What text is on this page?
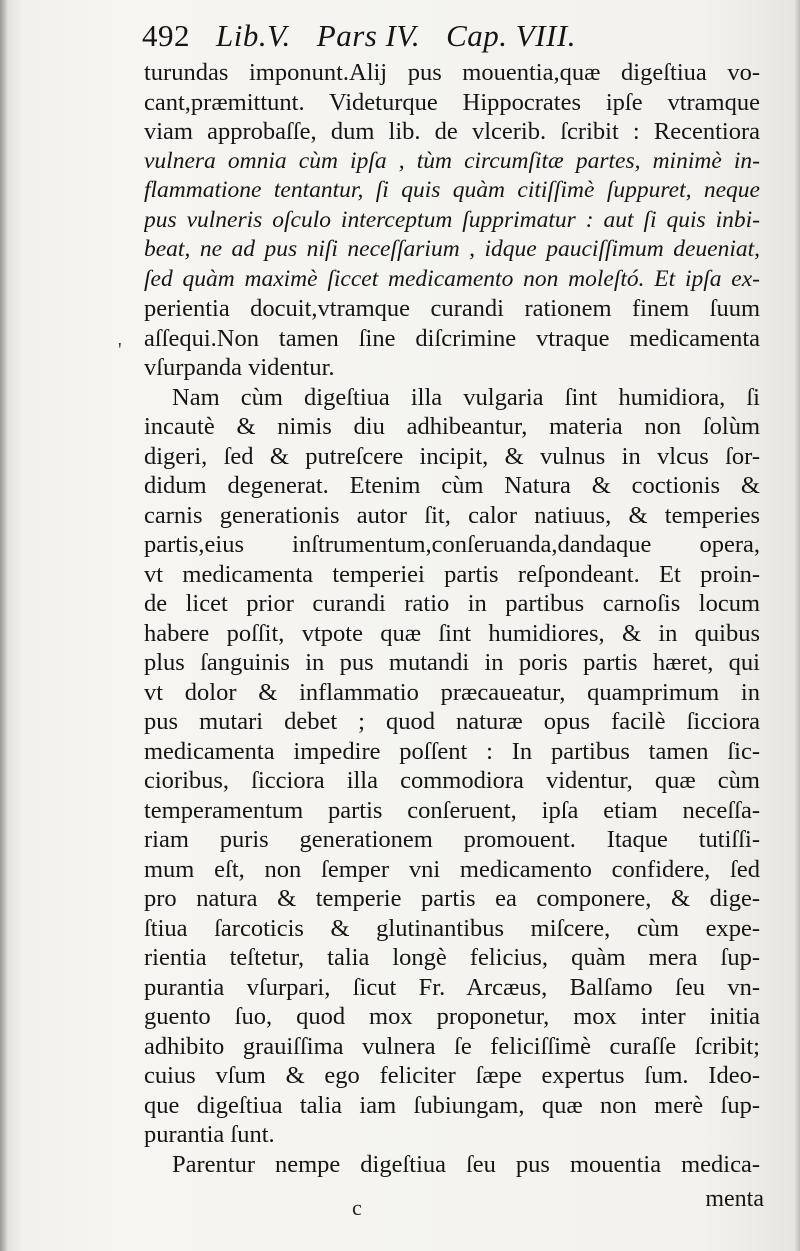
492 Lib.V. Pars IV. Cap. VIII.
'
turundas imponunt.Alij pus mouentia,quæ digeſtiua vo-
cant,præmittunt. Videturque Hippocrates ipſe vtramque
viam approbaſſe, dum lib. de vlcerib. ſcribit : Recentiora
vulnera omnia cùm ipſa , tùm circumſitæ partes, minimè in-
flammatione tentantur, ſi quis quàm citiſſimè ſuppuret, neque
pus vulneris oſculo interceptum ſupprimatur : aut ſi quis inbi-
beat, ne ad pus niſi neceſſarium , idque pauciſſimum deueniat,
ſed quàm maximè ſiccet medicamento non moleſtó. Et ipſa ex-
perientia docuit,vtramque curandi rationem finem ſuum
aſſequi.Non tamen ſine diſcrimine vtraque medicamenta
vſurpanda videntur.
Nam cùm digeſtiua illa vulgaria ſint humidiora, ſi
incautè & nimis diu adhibeantur, materia non ſolùm
digeri, ſed & putreſcere incipit, & vulnus in vlcus ſor-
didum degenerat. Etenim cùm Natura & coctionis &
carnis generationis autor ſit, calor natiuus, & temperies
partis,eius inſtrumentum,conſeruanda,dandaque opera,
vt medicamenta temperiei partis reſpondeant. Et proin-
de licet prior curandi ratio in partibus carnoſis locum
habere poſſit, vtpote quæ ſint humidiores, & in quibus
plus ſanguinis in pus mutandi in poris partis hæret, qui
vt dolor & inflammatio præcaueatur, quamprimum in
pus mutari debet ; quod naturæ opus facilè ſicciora
medicamenta impedire poſſent : In partibus tamen ſic-
cioribus, ſicciora illa commodiora videntur, quæ cùm
temperamentum partis conſeruent, ipſa etiam neceſſa-
riam puris generationem promouent. Itaque tutiſſi-
mum eſt, non ſemper vni medicamento confidere, ſed
pro natura & temperie partis ea componere, & dige-
ſtiua ſarcoticis & glutinantibus miſcere, cùm expe-
rientia teſtetur, talia longè felicius, quàm mera ſup-
purantia vſurpari, ſicut Fr. Arcæus, Balſamo ſeu vn-
guento ſuo, quod mox proponetur, mox inter initia
adhibito grauiſſima vulnera ſe feliciſſimè curaſſe ſcribit;
cuius vſum & ego feliciter ſæpe expertus ſum. Ideo-
que digeſtiua talia iam ſubiungam, quæ non merè ſup-
purantia ſunt.
Parentur nempe digeſtiua ſeu pus mouentia medica-
menta
c
